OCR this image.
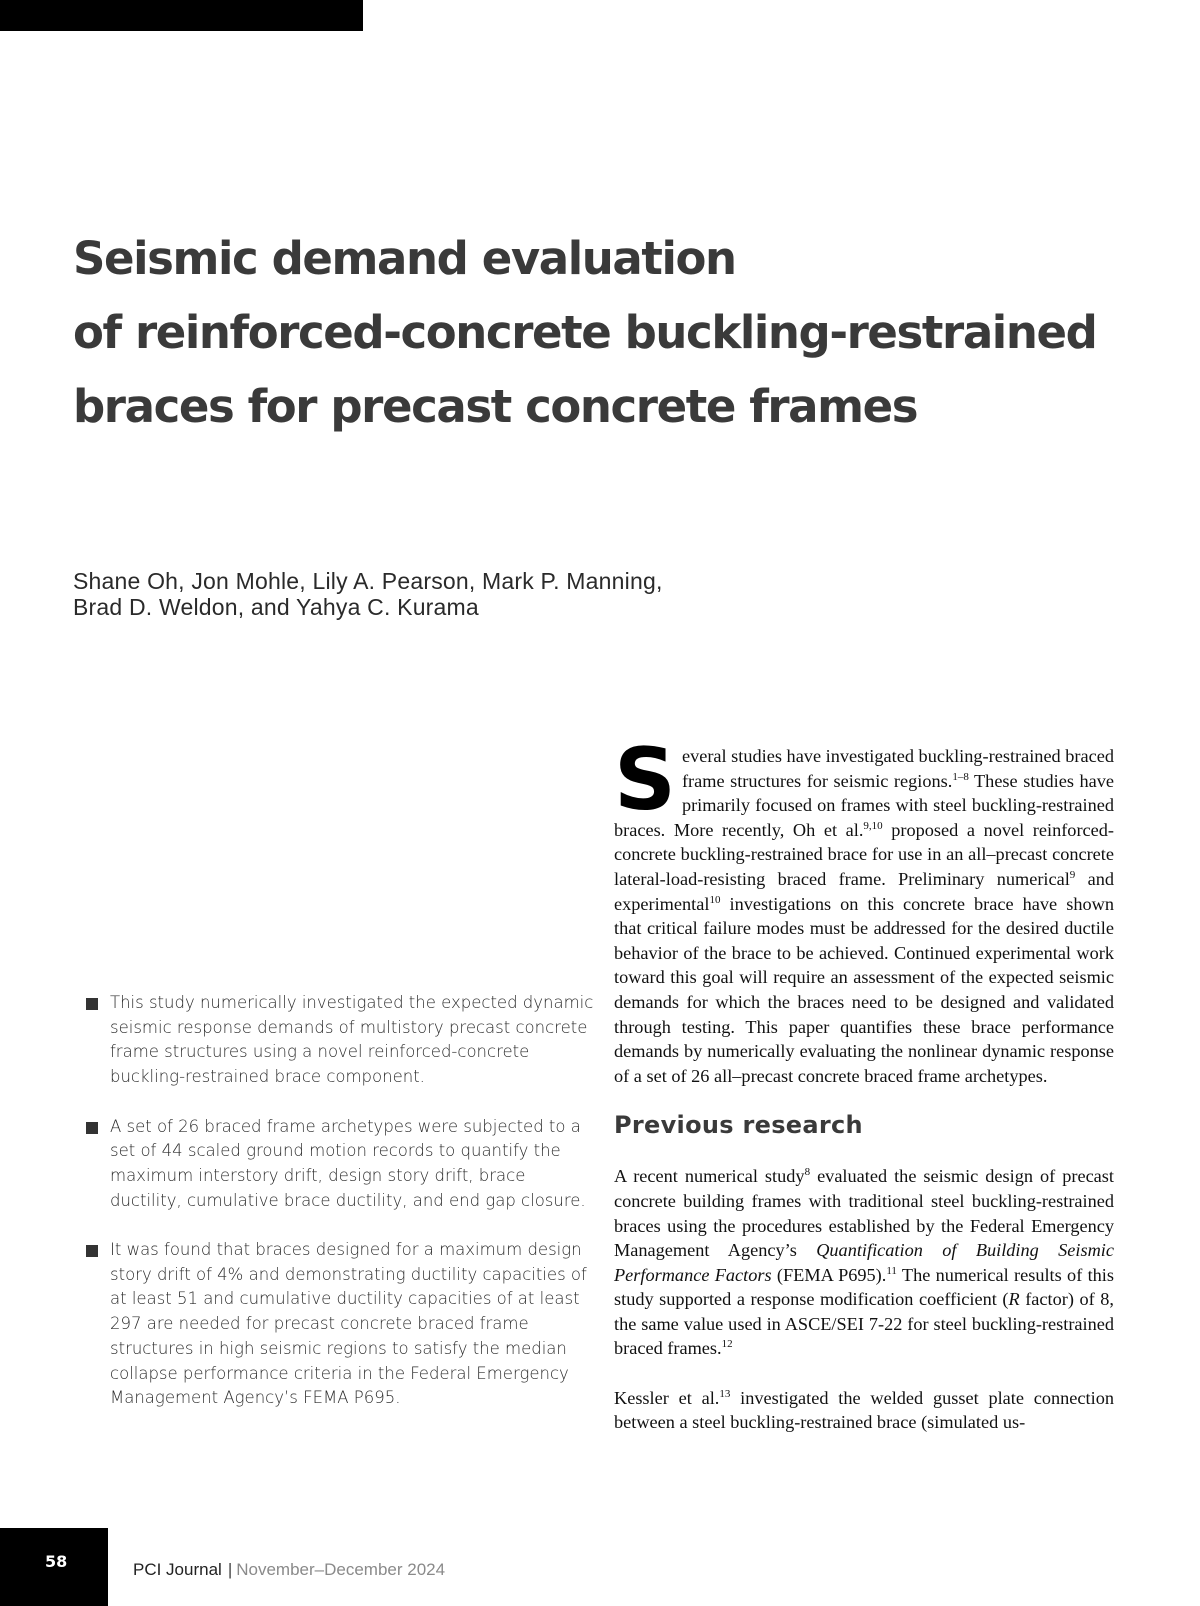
Seismic demand evaluation
of reinforced-concrete buckling-restrained
braces for precast concrete frames
Shane Oh, Jon Mohle, Lily A. Pearson, Mark P. Manning,
Brad D. Weldon, and Yahya C. Kurama
This study numerically investigated the expected dynamic seismic response demands of multistory precast concrete frame structures using a novel reinforced-concrete buckling-restrained brace component.
A set of 26 braced frame archetypes were subjected to a set of 44 scaled ground motion records to quantify the maximum interstory drift, design story drift, brace ductility, cumulative brace ductility, and end gap closure.
It was found that braces designed for a maximum design story drift of 4% and demonstrating ductility capacities of at least 51 and cumulative ductility capacities of at least 297 are needed for precast concrete braced frame structures in high seismic regions to satisfy the median collapse performance criteria in the Federal Emergency Management Agency’s FEMA P695.

Several studies have investigated buckling-restrained braced frame structures for seismic regions.$^{1-8}$ These studies have primarily focused on frames with steel buckling-restrained braces. More recently, Oh et al.$^{9,10}$ proposed a novel reinforced-concrete buckling-restrained brace for use in an all–precast concrete lateral-load-resisting braced frame. Preliminary numerical$^9$ and experimental$^{10}$ investigations on this concrete brace have shown that critical failure modes must be addressed for the desired ductile behavior of the brace to be achieved. Continued experimental work toward this goal will require an assessment of the expected seismic demands for which the braces need to be designed and validated through testing. This paper quantifies these brace performance demands by numerically evaluating the nonlinear dynamic response of a set of 26 all–precast concrete braced frame archetypes.

Previous research

A recent numerical study$^8$ evaluated the seismic design of precast concrete building frames with traditional steel buckling-restrained braces using the procedures established by the Federal Emergency Management Agency’s Quantification of Building Seismic Performance Factors (FEMA P695).$^{11}$ The numerical results of this study supported a response modification coefficient (R factor) of 8, the same value used in ASCE/SEI 7-22 for steel buckling-restrained braced frames.$^{12}$

Kessler et al.$^{13}$ investigated the welded gusset plate connection between a steel buckling-restrained brace (simulated us-

58	PCI Journal | November–December 2024
